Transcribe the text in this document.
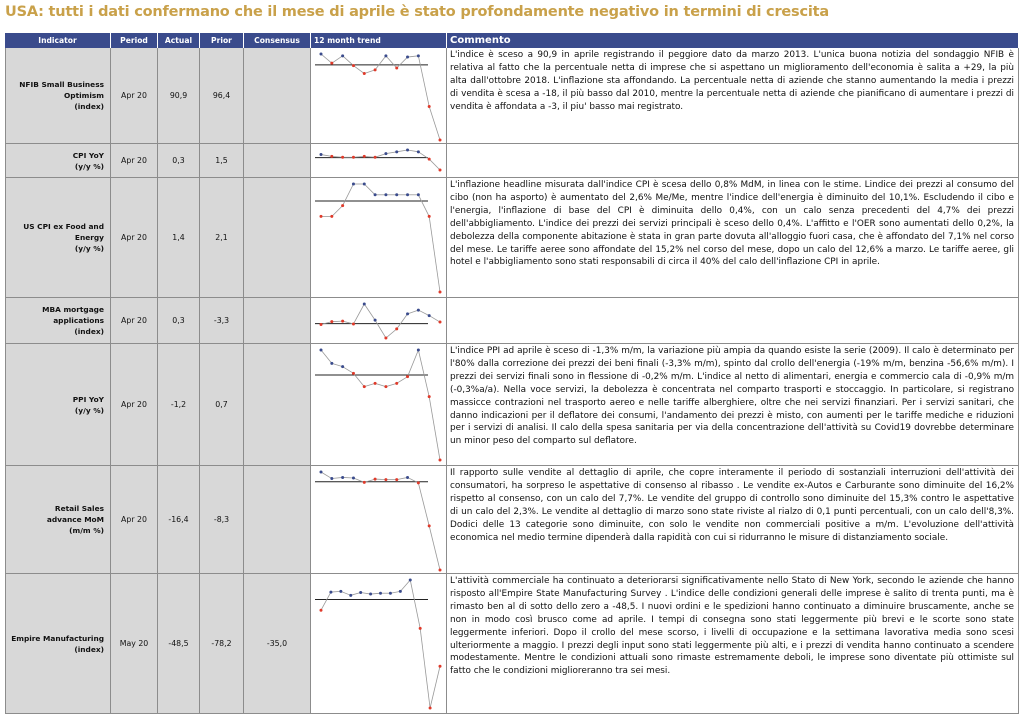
USA: tutti i dati confermano che il mese di aprile è stato profondamente negativo in termini di crescita
Indicator	Period	Actual	Prior	Consensus	12 month trend	Commento
NFIB Small Business
Optimism
(index)
Apr 20	90,9	96,4
L'indice è sceso a 90,9 in aprile registrando il peggiore dato da marzo 2013. L'unica buona notizia del sondaggio NFIB è relativa al fatto che la percentuale netta di imprese che si aspettano un miglioramento dell'economia è salita a +29, la più alta dall'ottobre 2018. L'inflazione sta affondando. La percentuale netta di aziende che stanno aumentando la media i prezzi di vendita è scesa a -18, il più basso dal 2010, mentre la percentuale netta di aziende che pianificano di aumentare i prezzi di vendita è affondata a -3, il piu' basso mai registrato.
CPI YoY
(y/y %)
Apr 20	0,3	1,5
US CPI ex Food and
Energy
(y/y %)
Apr 20	1,4	2,1
L'inflazione headline misurata dall'indice CPI è scesa dello 0,8% MdM, in linea con le stime. Lindice dei prezzi al consumo del cibo (non ha asporto) è aumentato del 2,6% Me/Me, mentre l'indice dell'energia è diminuito del 10,1%. Escludendo il cibo e l'energia, l'inflazione di base del CPI è diminuita dello 0,4%, con un calo senza precedenti del 4,7% dei prezzi dell'abbigliamento. L'indice dei prezzi dei servizi principali è sceso dello 0,4%. L'affitto e l'OER sono aumentati dello 0,2%, la debolezza della componente abitazione è stata in gran parte dovuta all'alloggio fuori casa, che è affondato del 7,1% nel corso del mese. Le tariffe aeree sono affondate del 15,2% nel corso del mese, dopo un calo del 12,6% a marzo. Le tariffe aeree, gli hotel e l'abbigliamento sono stati responsabili di circa il 40% del calo dell'inflazione CPI in aprile.
MBA mortgage
applications
(index)
Apr 20	0,3	-3,3
PPI YoY
(y/y %)
Apr 20	-1,2	0,7
L'indice PPI ad aprile è sceso di -1,3% m/m, la variazione più ampia da quando esiste la serie (2009). Il calo è determinato per l'80% dalla correzione dei prezzi dei beni finali (-3,3% m/m), spinto dal crollo dell'energia (-19% m/m, benzina -56,6% m/m). I prezzi dei servizi finali sono in flessione di -0,2% m/m. L'indice al netto di alimentari, energia e commercio cala di -0,9% m/m (-0,3%a/a). Nella voce servizi, la debolezza è concentrata nel comparto trasporti e stoccaggio. In particolare, si registrano massicce contrazioni nel trasporto aereo e nelle tariffe alberghiere, oltre che nei servizi finanziari. Per i servizi sanitari, che danno indicazioni per il deflatore dei consumi, l'andamento dei prezzi è misto, con aumenti per le tariffe mediche e riduzioni per i servizi di analisi. Il calo della spesa sanitaria per via della concentrazione dell'attività su Covid19 dovrebbe determinare un minor peso del comparto sul deflatore.
Retail Sales
advance MoM
(m/m %)
Apr 20	-16,4	-8,3
Il rapporto sulle vendite al dettaglio di aprile, che copre interamente il periodo di sostanziali interruzioni dell'attività dei consumatori, ha sorpreso le aspettative di consenso al ribasso . Le vendite ex-Autos e Carburante sono diminuite del 16,2% rispetto al consenso, con un calo del 7,7%. Le vendite del gruppo di controllo sono diminuite del 15,3% contro le aspettative di un calo del 2,3%. Le vendite al dettaglio di marzo sono state riviste al rialzo di 0,1 punti percentuali, con un calo dell'8,3%. Dodici delle 13 categorie sono diminuite, con solo le vendite non commerciali positive a m/m. L'evoluzione dell'attività economica nel medio termine dipenderà dalla rapidità con cui si ridurranno le misure di distanziamento sociale.
Empire Manufacturing
(index)
May 20	-48,5	-78,2	-35,0
L'attività commerciale ha continuato a deteriorarsi significativamente nello Stato di New York, secondo le aziende che hanno risposto all'Empire State Manufacturing Survey . L'indice delle condizioni generali delle imprese è salito di trenta punti, ma è rimasto ben al di sotto dello zero a -48,5. I nuovi ordini e le spedizioni hanno continuato a diminuire bruscamente, anche se non in modo così brusco come ad aprile. I tempi di consegna sono stati leggermente più brevi e le scorte sono state leggermente inferiori. Dopo il crollo del mese scorso, i livelli di occupazione e la settimana lavorativa media sono scesi ulteriormente a maggio. I prezzi degli input sono stati leggermente più alti, e i prezzi di vendita hanno continuato a scendere modestamente. Mentre le condizioni attuali sono rimaste estremamente deboli, le imprese sono diventate più ottimiste sul fatto che le condizioni miglioreranno tra sei mesi.
